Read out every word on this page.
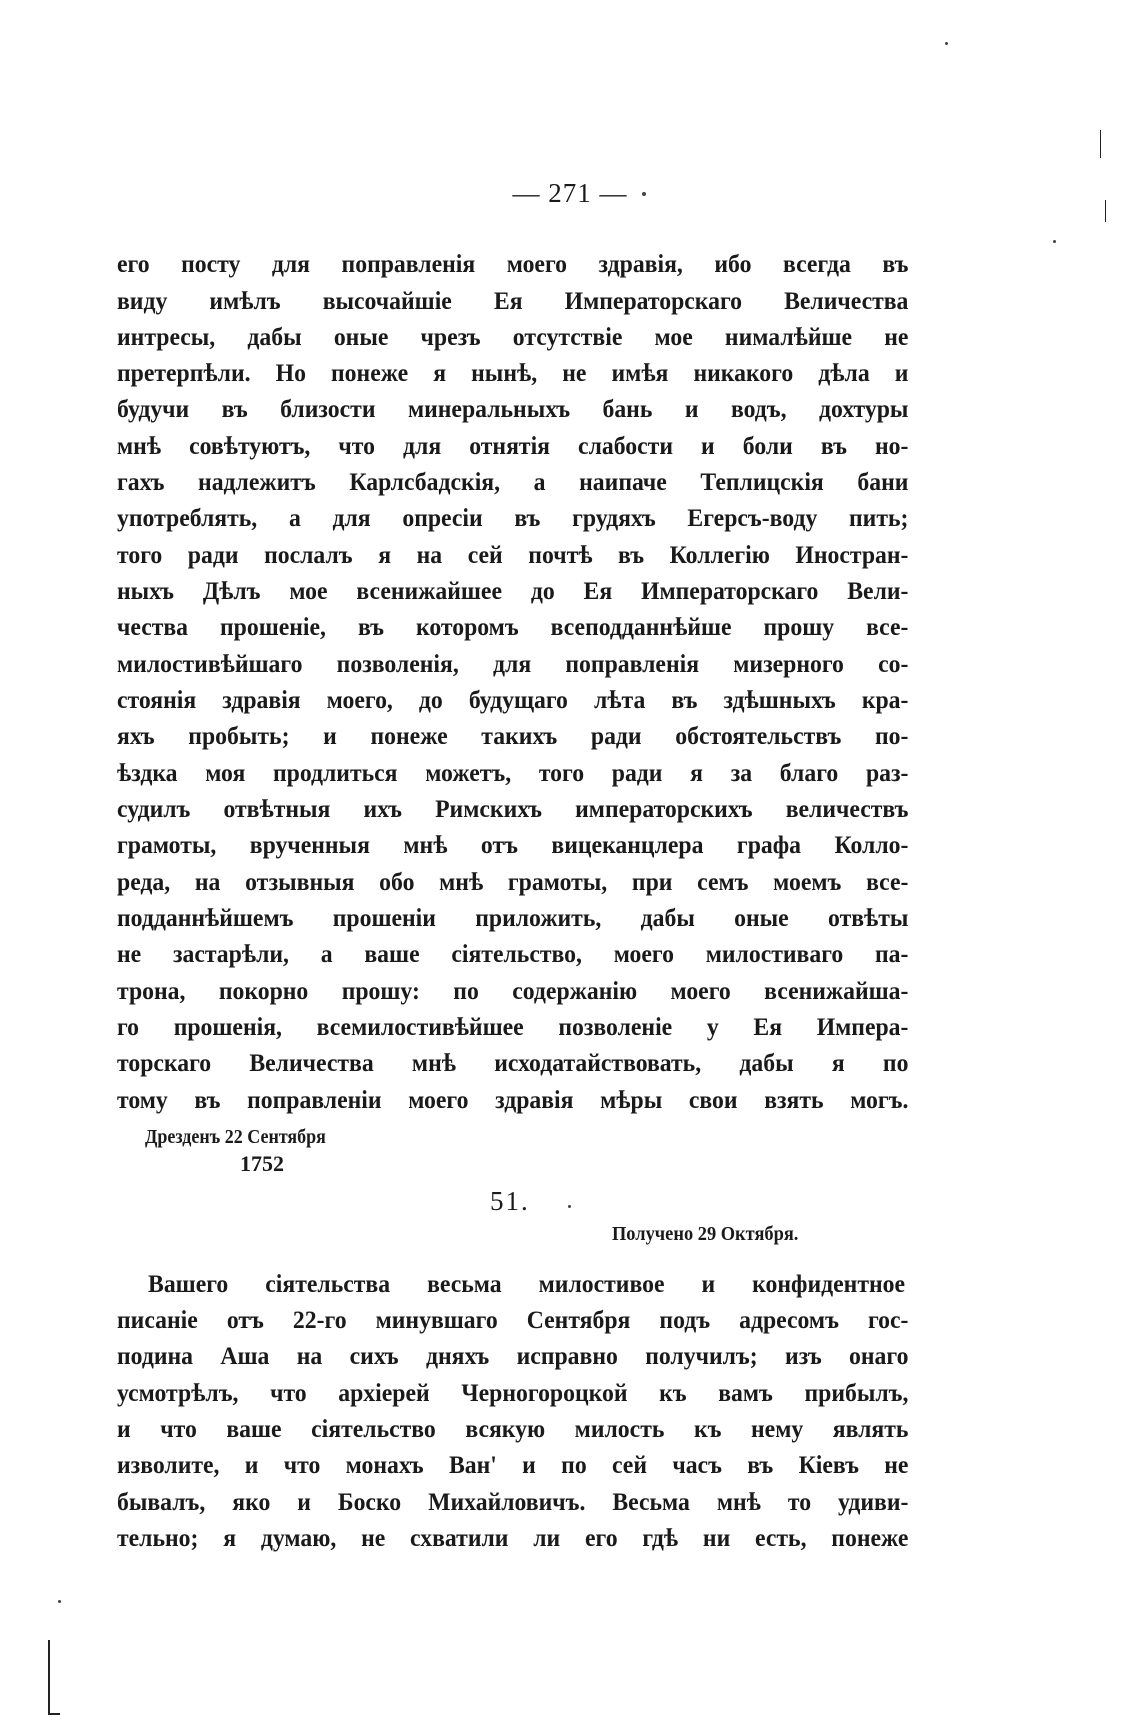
— 271 —
его посту для поправленія моего здравія, ибо всегда въ
виду имѣлъ высочайшіе Ея Императорскаго Величества
интресы, дабы оные чрезъ отсутствіе мое нималѣйше не
претерпѣли. Но понеже я нынѣ, не имѣя никакого дѣла и
будучи въ близости минеральныхъ бань и водъ, дохтуры
мнѣ совѣтуютъ, что для отнятія слабости и боли въ но-
гахъ надлежитъ Карлсбадскія, а наипаче Теплицскія бани
употреблять, а для опресіи въ грудяхъ Егерсъ-воду пить;
того ради послалъ я на сей почтѣ въ Коллегію Иностран-
ныхъ Дѣлъ мое всенижайшее до Ея Императорскаго Вели-
чества прошеніе, въ которомъ всеподданнѣйше прошу все-
милостивѣйшаго позволенія, для поправленія мизерного со-
стоянія здравія моего, до будущаго лѣта въ здѣшныхъ кра-
яхъ пробыть; и понеже такихъ ради обстоятельствъ по-
ѣздка моя продлиться можетъ, того ради я за благо раз-
судилъ отвѣтныя ихъ Римскихъ императорскихъ величествъ
грамоты, врученныя мнѣ отъ вицеканцлера графа Колло-
реда, на отзывныя обо мнѣ грамоты, при семъ моемъ все-
подданнѣйшемъ прошеніи приложить, дабы оные отвѣты
не застарѣли, а ваше сіятельство, моего милостиваго па-
трона, покорно прошу: по содержанію моего всенижайша-
го прошенія, всемилостивѣйшее позволеніе у Ея Импера-
торскаго Величества мнѣ исходатайствовать, дабы я по
тому въ поправленіи моего здравія мѣры свои взять могъ.
Дрезденъ 22 Сентября
1752
51.
Получено 29 Октября.
Вашего сіятельства весьма милостивое и конфидентное
писаніе отъ 22-го минувшаго Сентября подъ адресомъ гос-
подина Аша на сихъ дняхъ исправно получилъ; изъ онаго
усмотрѣлъ, что архіерей Черногороцкой къ вамъ прибылъ,
и что ваше сіятельство всякую милость къ нему являть
изволите, и что монахъ Ван' и по сей часъ въ Кіевъ не
бывалъ, яко и Боско Михайловичъ. Весьма мнѣ то удиви-
тельно; я думаю, не схватили ли его гдѣ ни есть, понеже
